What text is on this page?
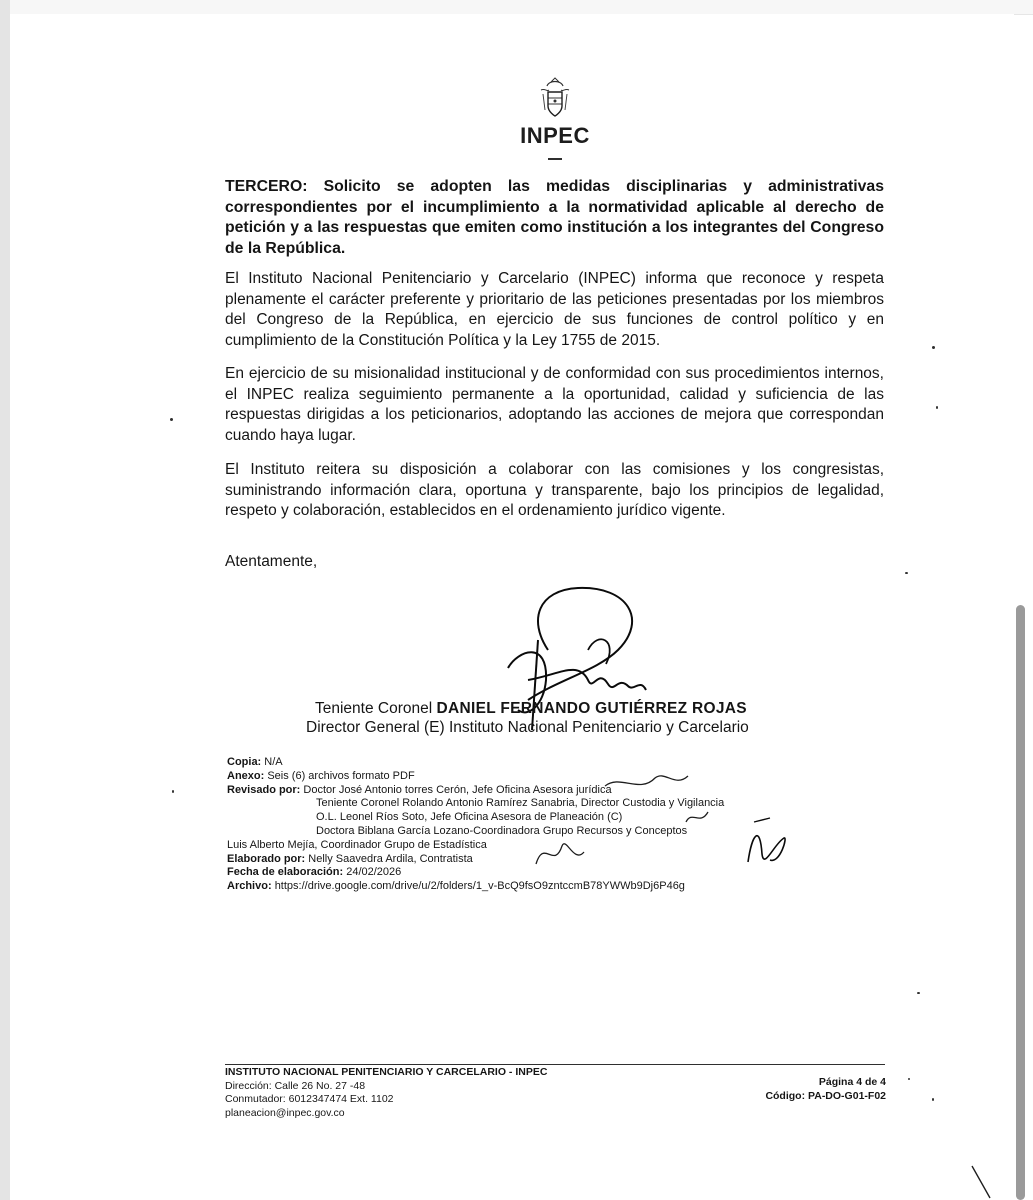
INPEC
TERCERO: Solicito se adopten las medidas disciplinarias y administrativas correspondientes por el incumplimiento a la normatividad aplicable al derecho de petición y a las respuestas que emiten como institución a los integrantes del Congreso de la República.
El Instituto Nacional Penitenciario y Carcelario (INPEC) informa que reconoce y respeta plenamente el carácter preferente y prioritario de las peticiones presentadas por los miembros del Congreso de la República, en ejercicio de sus funciones de control político y en cumplimiento de la Constitución Política y la Ley 1755 de 2015.
En ejercicio de su misionalidad institucional y de conformidad con sus procedimientos internos, el INPEC realiza seguimiento permanente a la oportunidad, calidad y suficiencia de las respuestas dirigidas a los peticionarios, adoptando las acciones de mejora que correspondan cuando haya lugar.
El Instituto reitera su disposición a colaborar con las comisiones y los congresistas, suministrando información clara, oportuna y transparente, bajo los principios de legalidad, respeto y colaboración, establecidos en el ordenamiento jurídico vigente.
Atentamente,
Teniente Coronel DANIEL FERNANDO GUTIÉRREZ ROJAS
Director General (E) Instituto Nacional Penitenciario y Carcelario
Copia: N/A
Anexo: Seis (6) archivos formato PDF
Revisado por: Doctor José Antonio torres Cerón, Jefe Oficina Asesora jurídica
Teniente Coronel Rolando Antonio Ramírez Sanabria, Director Custodia y Vigilancia
O.L. Leonel Ríos Soto, Jefe Oficina Asesora de Planeación (C)
Doctora Biblana García Lozano-Coordinadora Grupo Recursos y Conceptos
Luis Alberto Mejía, Coordinador Grupo de Estadística
Elaborado por: Nelly Saavedra Ardila, Contratista
Fecha de elaboración: 24/02/2026
Archivo: https://drive.google.com/drive/u/2/folders/1_v-BcQ9fsO9zntccmB78YWWb9Dj6P46g
INSTITUTO NACIONAL PENITENCIARIO Y CARCELARIO - INPEC
Dirección: Calle 26 No. 27 -48
Conmutador: 6012347474 Ext. 1102
planeacion@inpec.gov.co
Página 4 de 4
Código: PA-DO-G01-F02
